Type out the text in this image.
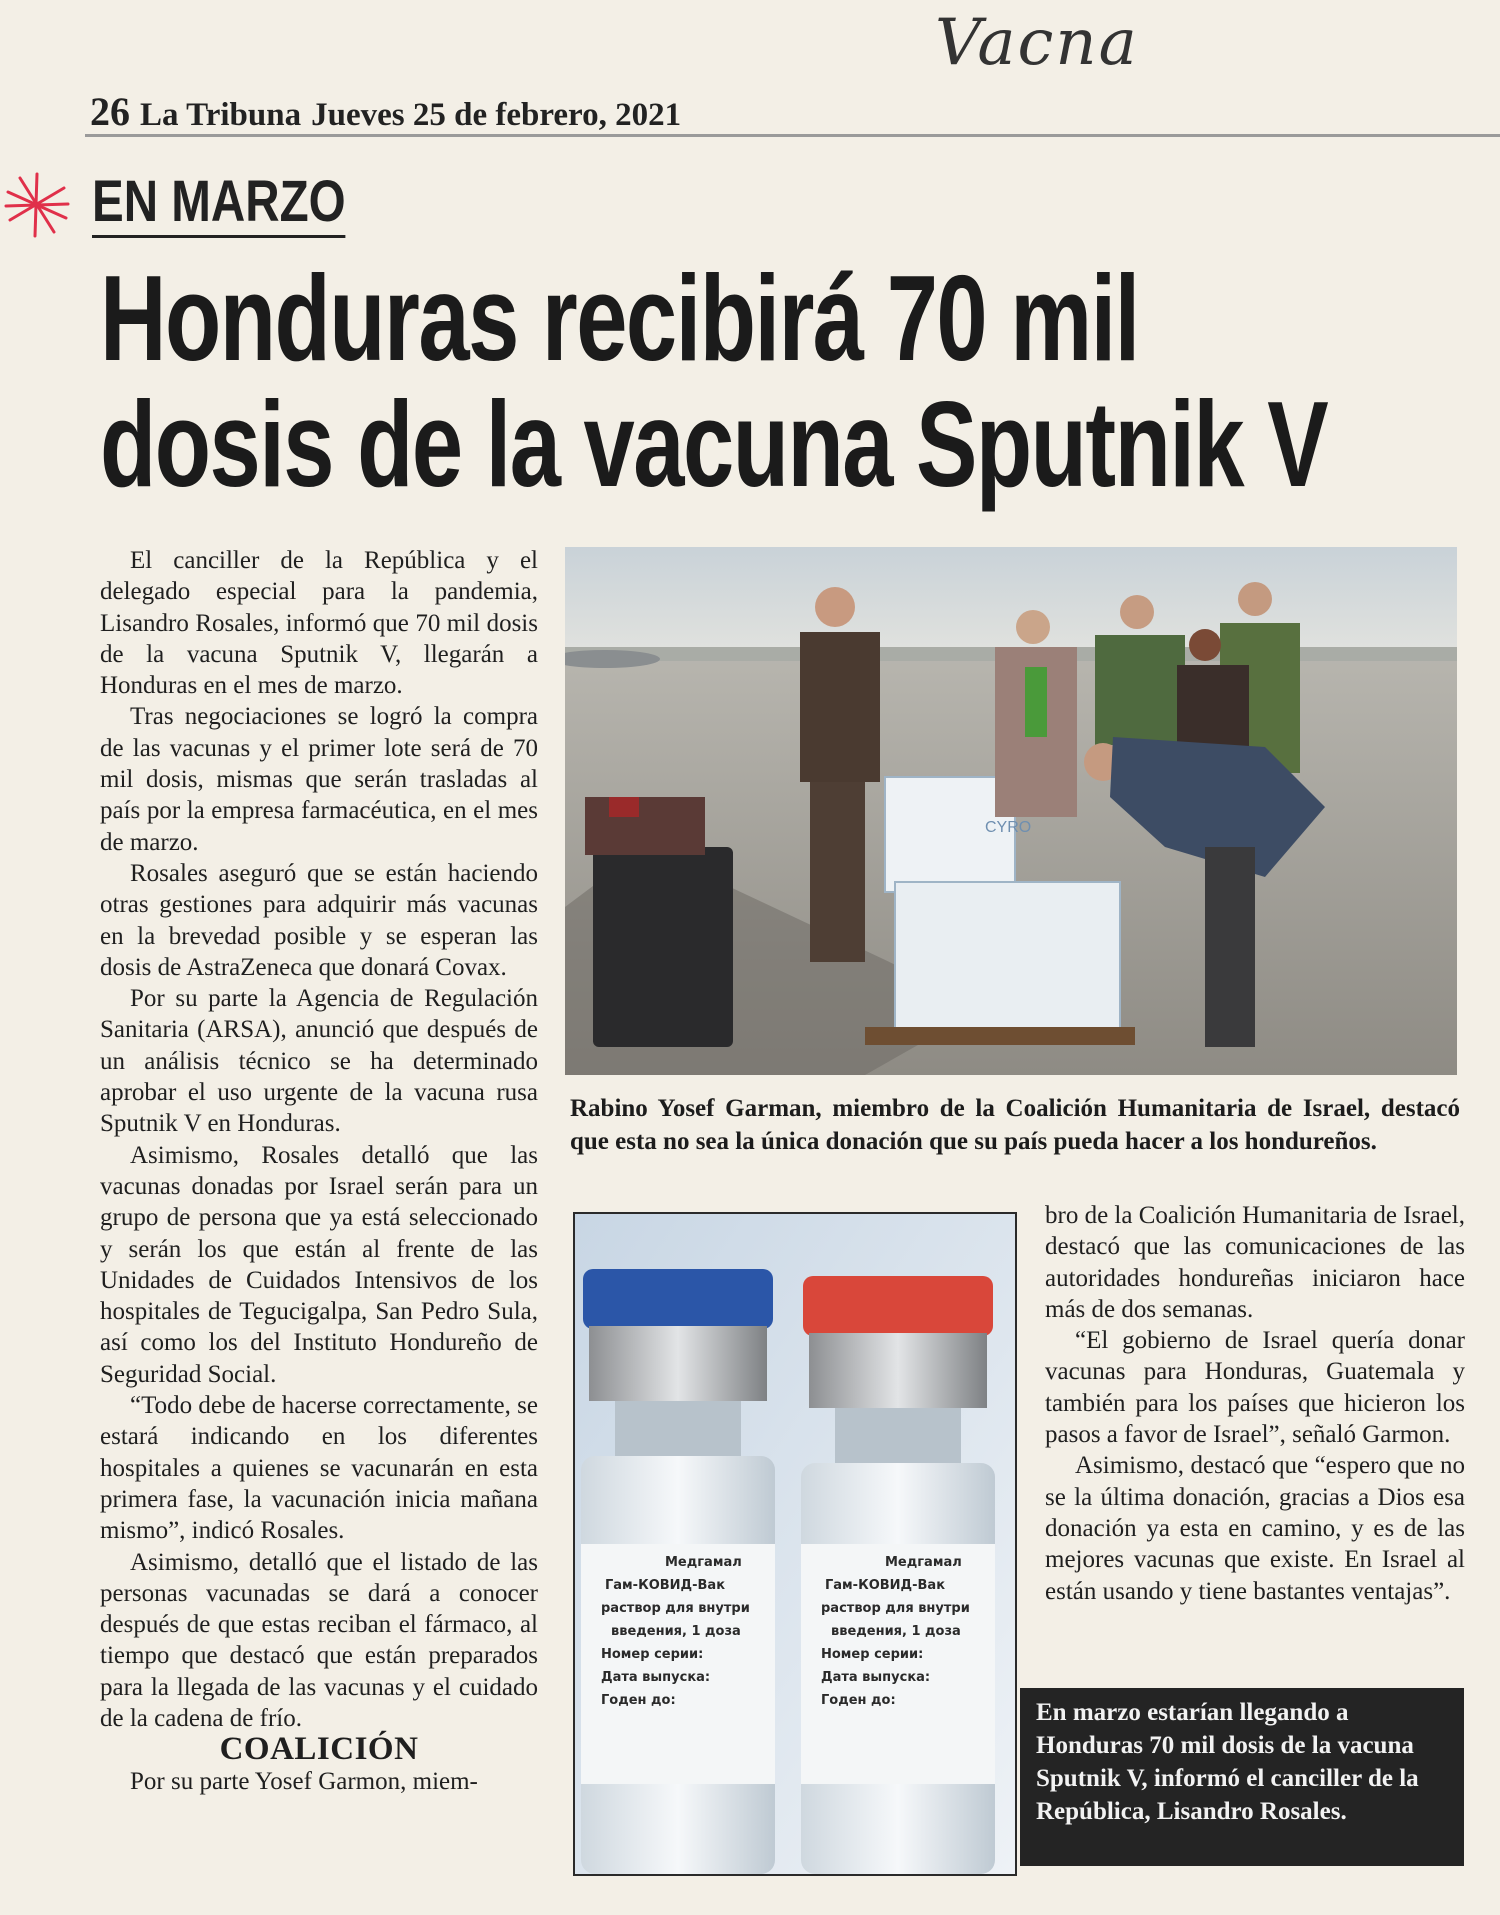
Vacna
26 La Tribuna Jueves 25 de febrero, 2021
EN MARZO
Honduras recibirá 70 mil
dosis de la vacuna Sputnik V

El canciller de la República y el delegado especial para la pandemia, Lisandro Rosales, informó que 70 mil dosis de la vacuna Sputnik V, llegarán a Honduras en el mes de marzo.

Tras negociaciones se logró la compra de las vacunas y el primer lote será de 70 mil dosis, mismas que serán trasladas al país por la empresa farmacéutica, en el mes de marzo.

Rosales aseguró que se están haciendo otras gestiones para adquirir más vacunas en la brevedad posible y se esperan las dosis de AstraZeneca que donará Covax.

Por su parte la Agencia de Regulación Sanitaria (ARSA), anunció que después de un análisis técnico se ha determinado aprobar el uso urgente de la vacuna rusa Sputnik V en Honduras.

Asimismo, Rosales detalló que las vacunas donadas por Israel serán para un grupo de persona que ya está seleccionado y serán los que están al frente de las Unidades de Cuidados Intensivos de los hospitales de Tegucigalpa, San Pedro Sula, así como los del Instituto Hondureño de Seguridad Social.

“Todo debe de hacerse correctamente, se estará indicando en los diferentes hospitales a quienes se vacunarán en esta primera fase, la vacunación inicia mañana mismo”, indicó Rosales.

Asimismo, detalló que el listado de las personas vacunadas se dará a conocer después de que estas reciban el fármaco, al tiempo que destacó que están preparados para la llegada de las vacunas y el cuidado de la cadena de frío.

COALICIÓN

Por su parte Yosef Garmon, miem-

CYRO
Rabino Yosef Garman, miembro de la Coalición Humanitaria de Israel, destacó que esta no sea la única donación que su país pueda hacer a los hondureños.
Медгамал
Гам-КОВИД-Вак
раствор для внутри
введения, 1 доза
Номер серии:
Дата выпуска:
Годен до:
Медгамал
Гам-КОВИД-Вак
раствор для внутри
введения, 1 доза
Номер серии:
Дата выпуска:
Годен до:

bro de la Coalición Humanitaria de Israel, destacó que las comunicaciones de las autoridades hondureñas iniciaron hace más de dos semanas.

“El gobierno de Israel quería donar vacunas para Honduras, Guatemala y también para los países que hicieron los pasos a favor de Israel”, señaló Garmon.

Asimismo, destacó que “espero que no se la última donación, gracias a Dios esa donación ya esta en camino, y es de las mejores vacunas que existe. En Israel al están usando y tiene bastantes ventajas”.

En marzo estarían llegando a Honduras 70 mil dosis de la vacuna Sputnik V, informó el canciller de la República, Lisandro Rosales.
